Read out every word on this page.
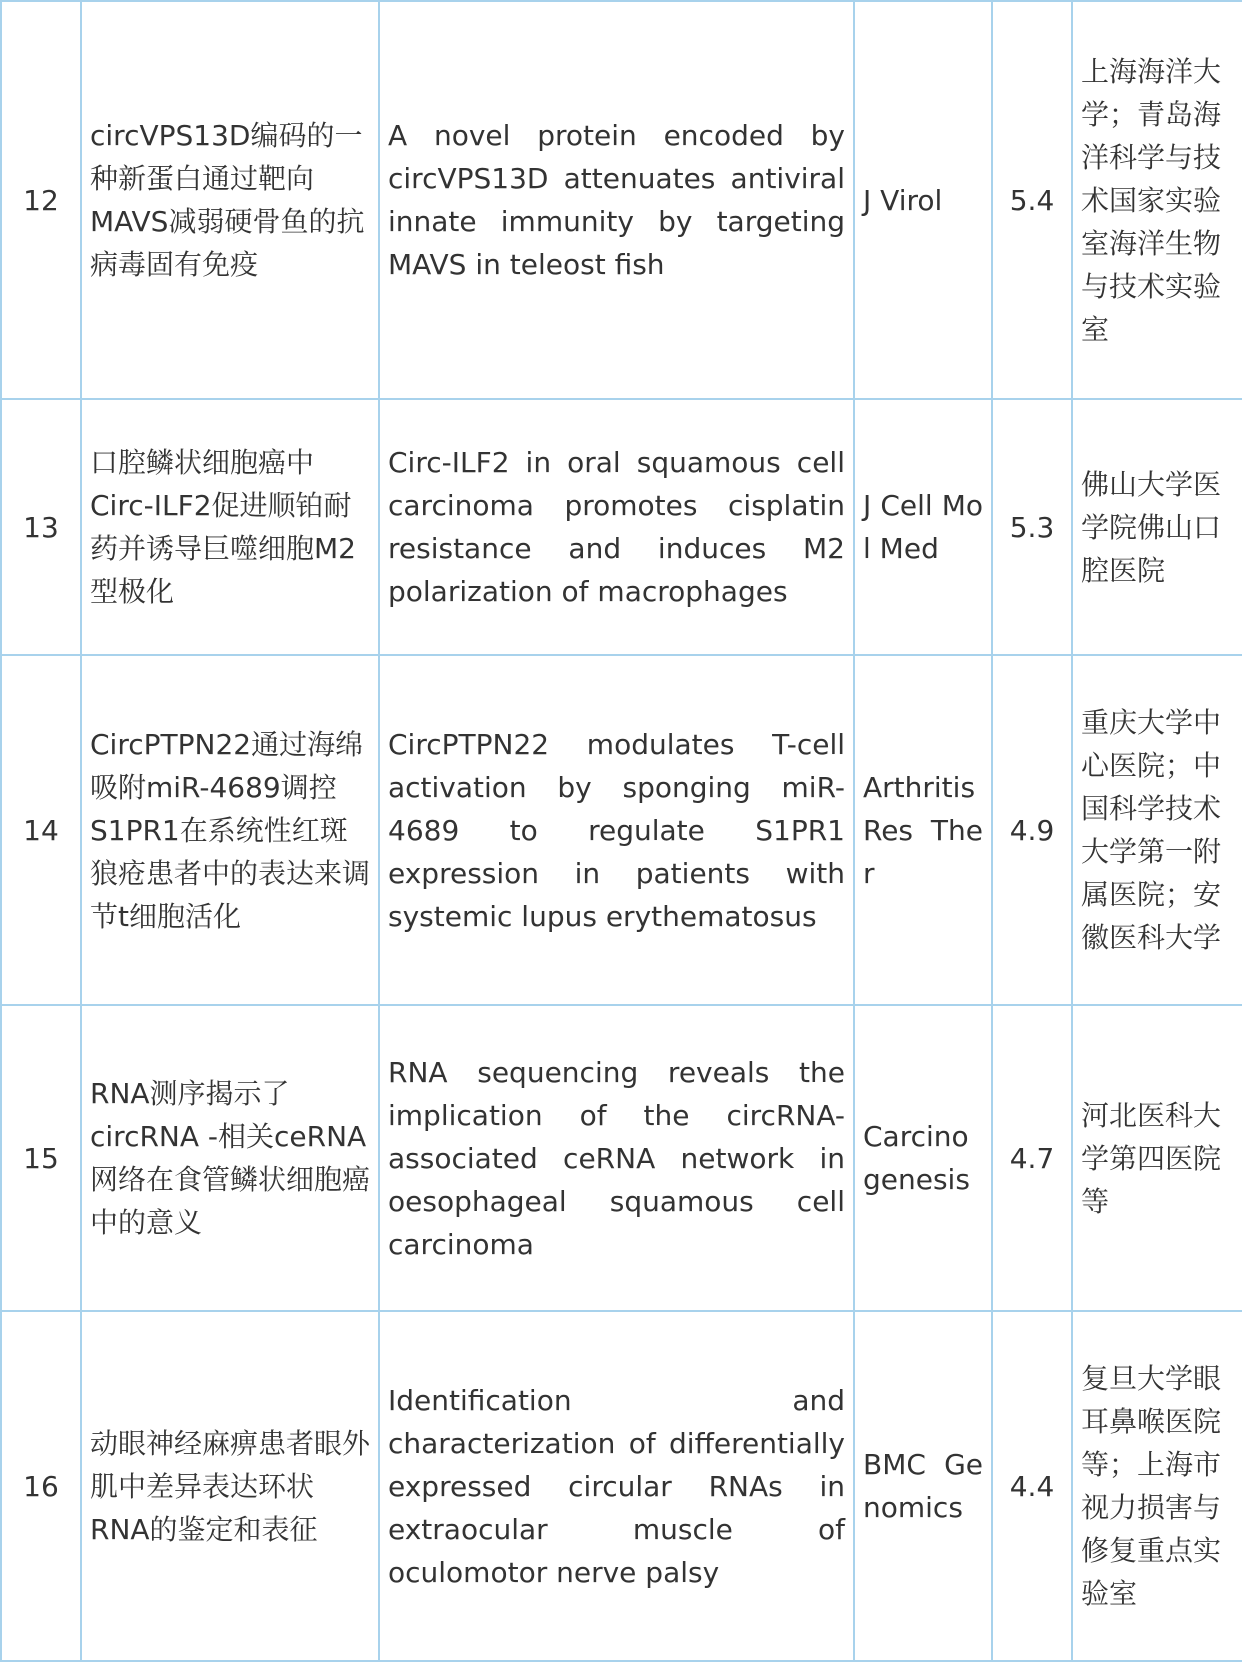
12	circVPS13D编码的一种新蛋白通过靶向MAVS减弱硬骨鱼的抗病毒固有免疫	A novel protein encoded by circVPS13D attenuates antiviral innate immunity by targeting MAVS in teleost fish	J Virol	5.4	上海海洋大学；青岛海洋科学与技术国家实验室海洋生物与技术实验室

13	口腔鳞状细胞癌中Circ-ILF2促进顺铂耐药并诱导巨噬细胞M2型极化	Circ-ILF2 in oral squamous cell carcinoma promotes cisplatin resistance and induces M2 polarization of macrophages	J Cell Mol Med	5.3	佛山大学医学院佛山口腔医院

14	CircPTPN22通过海绵吸附miR-4689调控S1PR1在系统性红斑狼疮患者中的表达来调节t细胞活化	CircPTPN22 modulates T-cell activation by sponging miR-4689 to regulate S1PR1 expression in patients with systemic lupus erythematosus	Arthritis Res Ther	4.9	重庆大学中心医院；中国科学技术大学第一附属医院；安徽医科大学

15	RNA测序揭示了circRNA -相关ceRNA网络在食管鳞状细胞癌中的意义	RNA sequencing reveals the implication of the circRNA-associated ceRNA network in oesophageal squamous cell carcinoma	Carcinogenesis	4.7	河北医科大学第四医院等

16	动眼神经麻痹患者眼外肌中差异表达环状RNA的鉴定和表征	Identification and characterization of differentially expressed circular RNAs in extraocular muscle of oculomotor nerve palsy	BMC Genomics	4.4	复旦大学眼耳鼻喉医院等；上海市视力损害与修复重点实验室
